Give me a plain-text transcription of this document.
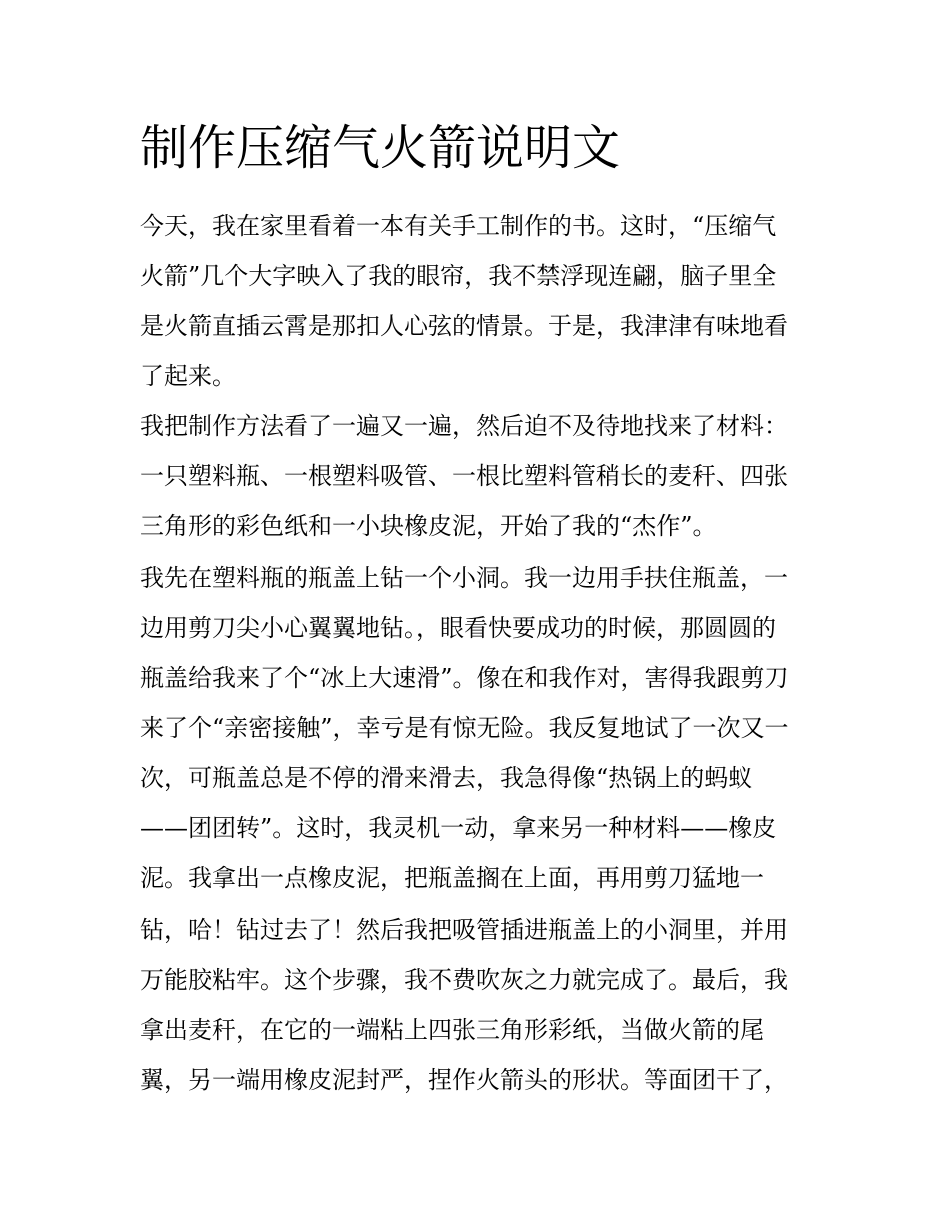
制作压缩气火箭说明文

今天，我在家里看着一本有关手工制作的书。这时，“压缩气

火箭”几个大字映入了我的眼帘，我不禁浮现连翩，脑子里全

是火箭直插云霄是那扣人心弦的情景。于是，我津津有味地看

了起来。

我把制作方法看了一遍又一遍，然后迫不及待地找来了材料：

一只塑料瓶、一根塑料吸管、一根比塑料管稍长的麦秆、四张

三角形的彩色纸和一小块橡皮泥，开始了我的“杰作”。

我先在塑料瓶的瓶盖上钻一个小洞。我一边用手扶住瓶盖，一

边用剪刀尖小心翼翼地钻。，眼看快要成功的时候，那圆圆的

瓶盖给我来了个“冰上大速滑”。像在和我作对，害得我跟剪刀

来了个“亲密接触”，幸亏是有惊无险。我反复地试了一次又一

次，可瓶盖总是不停的滑来滑去，我急得像“热锅上的蚂蚁

——团团转”。这时，我灵机一动，拿来另一种材料——橡皮

泥。我拿出一点橡皮泥，把瓶盖搁在上面，再用剪刀猛地一

钻，哈！钻过去了！然后我把吸管插进瓶盖上的小洞里，并用

万能胶粘牢。这个步骤，我不费吹灰之力就完成了。最后，我

拿出麦秆，在它的一端粘上四张三角形彩纸，当做火箭的尾

翼，另一端用橡皮泥封严，捏作火箭头的形状。等面团干了，
